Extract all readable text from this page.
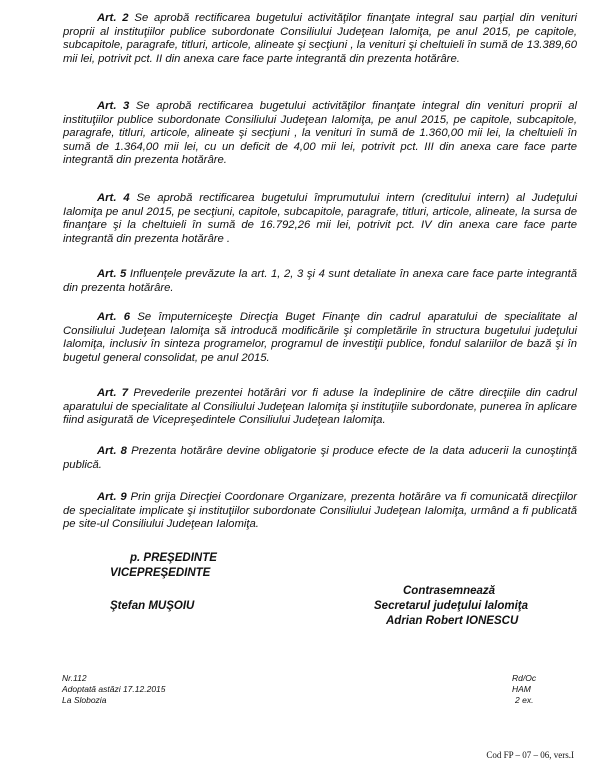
Art. 2 Se aprobă rectificarea bugetului activităţilor finanţate integral sau parţial din venituri proprii al instituţiilor publice subordonate Consiliului Judeţean Ialomiţa, pe anul 2015, pe capitole, subcapitole, paragrafe, titluri, articole, alineate şi secţiuni , la venituri şi cheltuieli în sumă de 13.389,60 mii lei, potrivit pct. II din anexa care face parte integrantă din prezenta hotărâre.
Art. 3 Se aprobă rectificarea bugetului activităţilor finanţate integral din venituri proprii al instituţiilor publice subordonate Consiliului Judeţean Ialomiţa, pe anul 2015, pe capitole, subcapitole, paragrafe, titluri, articole, alineate şi secţiuni , la venituri în sumă de 1.360,00 mii lei, la cheltuieli în sumă de 1.364,00 mii lei, cu un deficit de 4,00 mii lei, potrivit pct. III din anexa care face parte integrantă din prezenta hotărâre.
Art. 4 Se aprobă rectificarea bugetului împrumutului intern (creditului intern) al Judeţului Ialomiţa pe anul 2015, pe secţiuni, capitole, subcapitole, paragrafe, titluri, articole, alineate, la sursa de finanţare şi la cheltuieli în sumă de 16.792,26 mii lei, potrivit pct. IV din anexa care face parte integrantă din prezenta hotărâre .
Art. 5 Influenţele prevăzute la art. 1, 2, 3 şi 4 sunt detaliate în anexa care face parte integrantă din prezenta hotărâre.
Art. 6 Se împuterniceşte Direcţia Buget Finanţe din cadrul aparatului de specialitate al Consiliului Judeţean Ialomiţa să introducă modificările şi completările în structura bugetului judeţului Ialomiţa, inclusiv în sinteza programelor, programul de investiţii publice, fondul salariilor de bază şi în bugetul general consolidat, pe anul 2015.
Art. 7 Prevederile prezentei hotărâri vor fi aduse la îndeplinire de către direcţiile din cadrul aparatului de specialitate al Consiliului Judeţean Ialomiţa şi instituţiile subordonate, punerea în aplicare fiind asigurată de Vicepreşedintele Consiliului Judeţean Ialomiţa.
Art. 8 Prezenta hotărâre devine obligatorie şi produce efecte de la data aducerii la cunoştinţă publică.
Art. 9 Prin grija Direcţiei Coordonare Organizare, prezenta hotărâre va fi comunicată direcţiilor de specialitate implicate şi instituţiilor subordonate Consiliului Judeţean Ialomiţa, urmând a fi publicată pe site-ul Consiliului Judeţean Ialomiţa.
p. PREŞEDINTE
VICEPREŞEDINTE
Ştefan MUŞOIU
Contrasemnează
Secretarul judeţului Ialomiţa
Adrian Robert IONESCU
Nr.112
Adoptată astăzi 17.12.2015
La Slobozia
Rd/Oc
HAM
2 ex.
Cod FP – 07 – 06, vers.I
